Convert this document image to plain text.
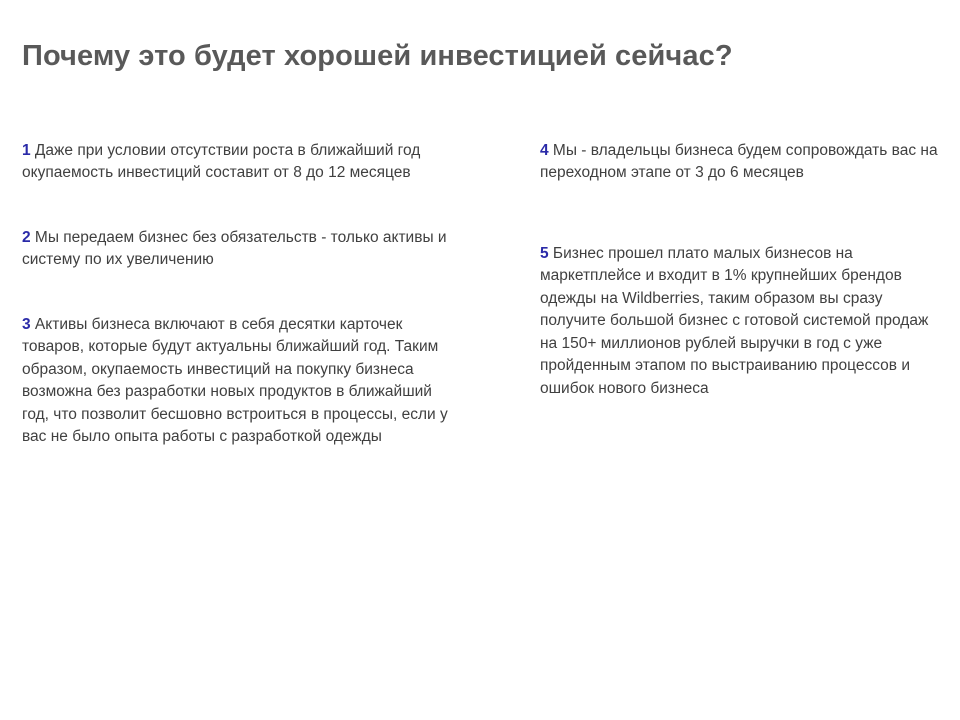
Почему это будет хорошей инвестицией сейчас?

1 Даже при условии отсутствии роста в ближайший год окупаемость инвестиций составит от 8 до 12 месяцев

2 Мы передаем бизнес без обязательств - только активы и систему по их увеличению

3 Активы бизнеса включают в себя десятки карточек товаров, которые будут актуальны ближайший год. Таким образом, окупаемость инвестиций на покупку бизнеса возможна без разработки новых продуктов в ближайший год, что позволит бесшовно встроиться в процессы, если у вас не было опыта работы с разработкой одежды

4 Мы - владельцы бизнеса будем сопровождать вас на переходном этапе от 3 до 6 месяцев

5 Бизнес прошел плато малых бизнесов на маркетплейсе и входит в 1% крупнейших брендов одежды на Wildberries, таким образом вы сразу получите большой бизнес с готовой системой продаж на 150+ миллионов рублей выручки в год с уже пройденным этапом по выстраиванию процессов и ошибок нового бизнеса
